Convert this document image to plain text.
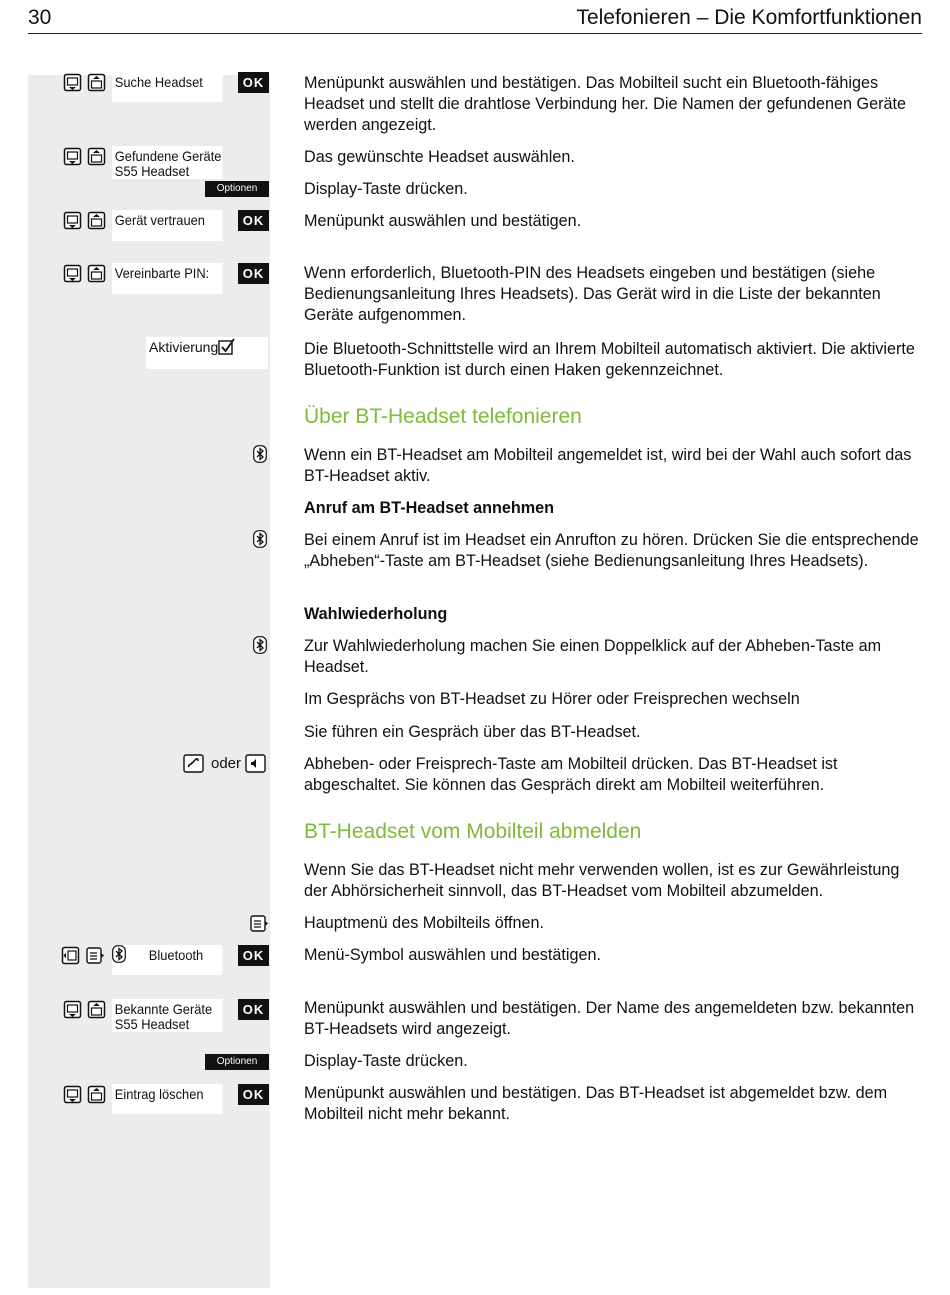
30	Telefonieren – Die Komfortfunktionen
Suche Headset	OK Menüpunkt auswählen und bestätigen. Das Mobilteil sucht ein Bluetooth-fähiges Headset und stellt die drahtlose Verbindung her. Die Namen der gefundenen Geräte werden angezeigt.

Gefundene Geräte
S55 Headset

Das gewünschte Headset auswählen.

Optionen	Display-Taste drücken.

Gerät vertrauen	OK Menüpunkt auswählen und bestätigen.

Vereinbarte PIN:	OK Wenn erforderlich, Bluetooth-PIN des Headsets eingeben und bestätigen (siehe Bedienungsanleitung Ihres Headsets). Das Gerät wird in die Liste der bekannten Geräte aufgenommen.

Aktivierung	Die Bluetooth-Schnittstelle wird an Ihrem Mobilteil automatisch aktiviert. Die aktivierte Bluetooth-Funktion ist durch einen Haken gekennzeichnet.

Über BT-Headset telefonieren

Wenn ein BT-Headset am Mobilteil angemeldet ist, wird bei der Wahl auch sofort das BT-Headset aktiv.

Anruf am BT-Headset annehmen

Bei einem Anruf ist im Headset ein Anrufton zu hören. Drücken Sie die entsprechende „Abheben“-Taste am BT-Headset (siehe Bedienungsanleitung Ihres Headsets).

Wahlwiederholung

Zur Wahlwiederholung machen Sie einen Doppelklick auf der Abheben-Taste am Headset.

Im Gesprächs von BT-Headset zu Hörer oder Freisprechen wechseln

Sie führen ein Gespräch über das BT-Headset.

oder	Abheben- oder Freisprech-Taste am Mobilteil drücken. Das BT-Headset ist abgeschaltet. Sie können das Gespräch direkt am Mobilteil weiterführen.

BT-Headset vom Mobilteil abmelden

Wenn Sie das BT-Headset nicht mehr verwenden wollen, ist es zur Gewährleistung der Abhörsicherheit sinnvoll, das BT-Headset vom Mobilteil abzumelden.

Hauptmenü des Mobilteils öffnen.

Bluetooth	OK Menü-Symbol auswählen und bestätigen.

Bekannte Geräte
S55 Headset
OK Menüpunkt auswählen und bestätigen. Der Name des angemeldeten bzw. bekannten BT-Headsets wird angezeigt.

Optionen	Display-Taste drücken.

Eintrag löschen	OK Menüpunkt auswählen und bestätigen. Das BT-Headset ist abgemeldet bzw. dem Mobilteil nicht mehr bekannt.
